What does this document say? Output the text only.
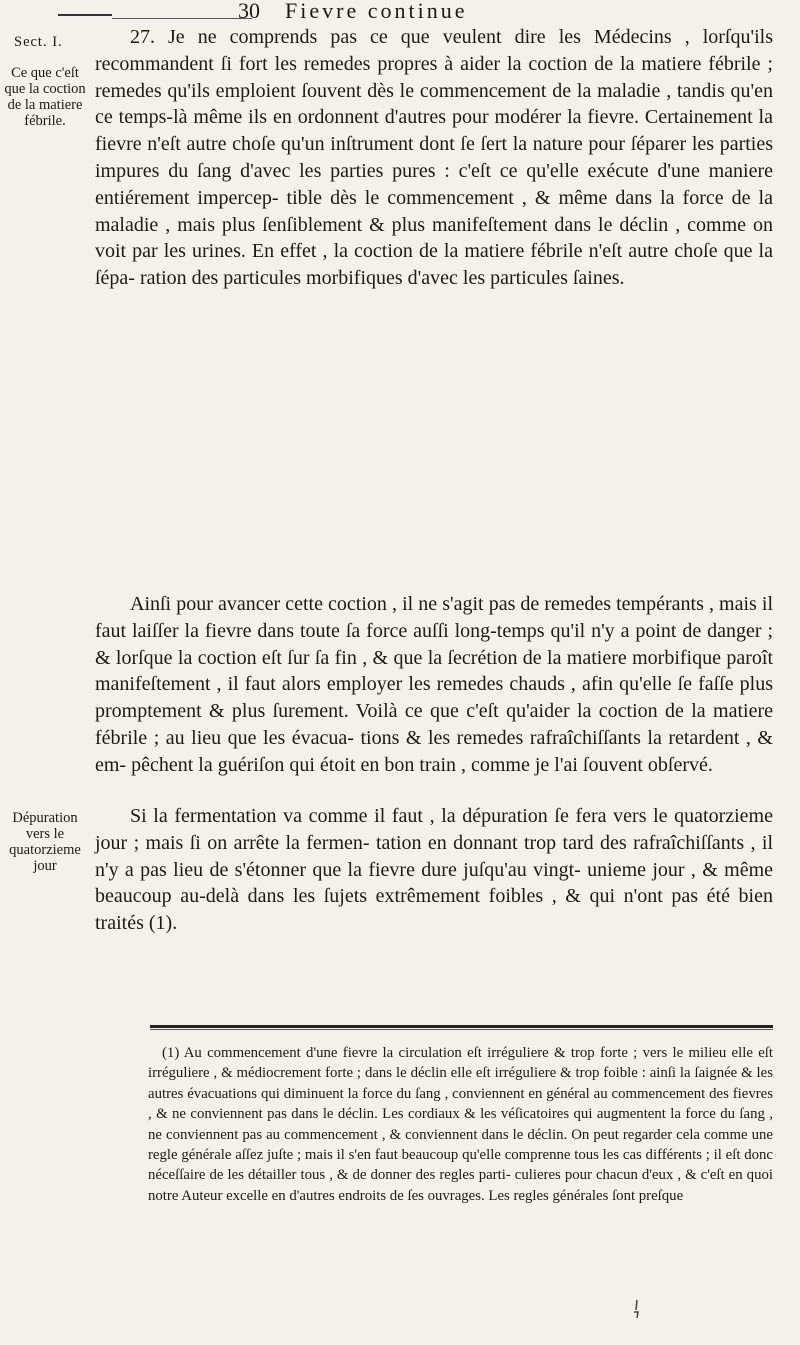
30 Fievre continue
Sect. I.
Ce que c'eſt que la coction de la matiere fébrile.
Dépuration vers le quatorzieme jour

27. Je ne comprends pas ce que veulent dire les Médecins , lorſqu'ils recommandent ſi fort les remedes propres à aider la coction de la matiere fébrile ; remedes qu'ils emploient ſouvent dès le commencement de la maladie , tandis qu'en ce temps-là même ils en ordonnent d'autres pour modérer la fievre. Certainement la fievre n'eſt autre choſe qu'un inſtrument dont ſe ſert la nature pour ſéparer les parties impures du ſang d'avec les parties pures : c'eſt ce qu'elle exécute d'une maniere entiérement impercep- tible dès le commencement , & même dans la force de la maladie , mais plus ſenſiblement & plus manifeſtement dans le déclin , comme on voit par les urines. En effet , la coction de la matiere fébrile n'eſt autre choſe que la ſépa- ration des particules morbifiques d'avec les particules ſaines.

Ainſi pour avancer cette coction , il ne s'agit pas de remedes tempérants , mais il faut laiſſer la fievre dans toute ſa force auſſi long-temps qu'il n'y a point de danger ; & lorſque la coction eſt ſur ſa fin , & que la ſecrétion de la matiere morbifique paroît manifeſtement , il faut alors employer les remedes chauds , afin qu'elle ſe faſſe plus promptement & plus ſurement. Voilà ce que c'eſt qu'aider la coction de la matiere fébrile ; au lieu que les évacua- tions & les remedes rafraîchiſſants la retardent , & em- pêchent la guériſon qui étoit en bon train , comme je l'ai ſouvent obſervé.

Si la fermentation va comme il faut , la dépuration ſe fera vers le quatorzieme jour ; mais ſi on arrête la fermen- tation en donnant trop tard des rafraîchiſſants , il n'y a pas lieu de s'étonner que la fievre dure juſqu'au vingt- unieme jour , & même beaucoup au-delà dans les ſujets extrêmement foibles , & qui n'ont pas été bien traités (1).

(1) Au commencement d'une fievre la circulation eſt irréguliere & trop forte ; vers le milieu elle eſt irréguliere , & médiocrement forte ; dans le déclin elle eſt irréguliere & trop foible : ainſi la ſaignée & les autres évacuations qui diminuent la force du ſang , conviennent en général au commencement des fievres , & ne conviennent pas dans le déclin. Les cordiaux & les véſicatoires qui augmentent la force du ſang , ne conviennent pas au commencement , & conviennent dans le déclin. On peut regarder cela comme une regle générale aſſez juſte ; mais il s'en faut beaucoup qu'elle comprenne tous les cas différents ; il eſt donc néceſſaire de les détailler tous , & de donner des regles parti- culieres pour chacun d'eux , & c'eſt en quoi notre Auteur excelle en d'autres endroits de ſes ouvrages. Les regles générales ſont preſque
